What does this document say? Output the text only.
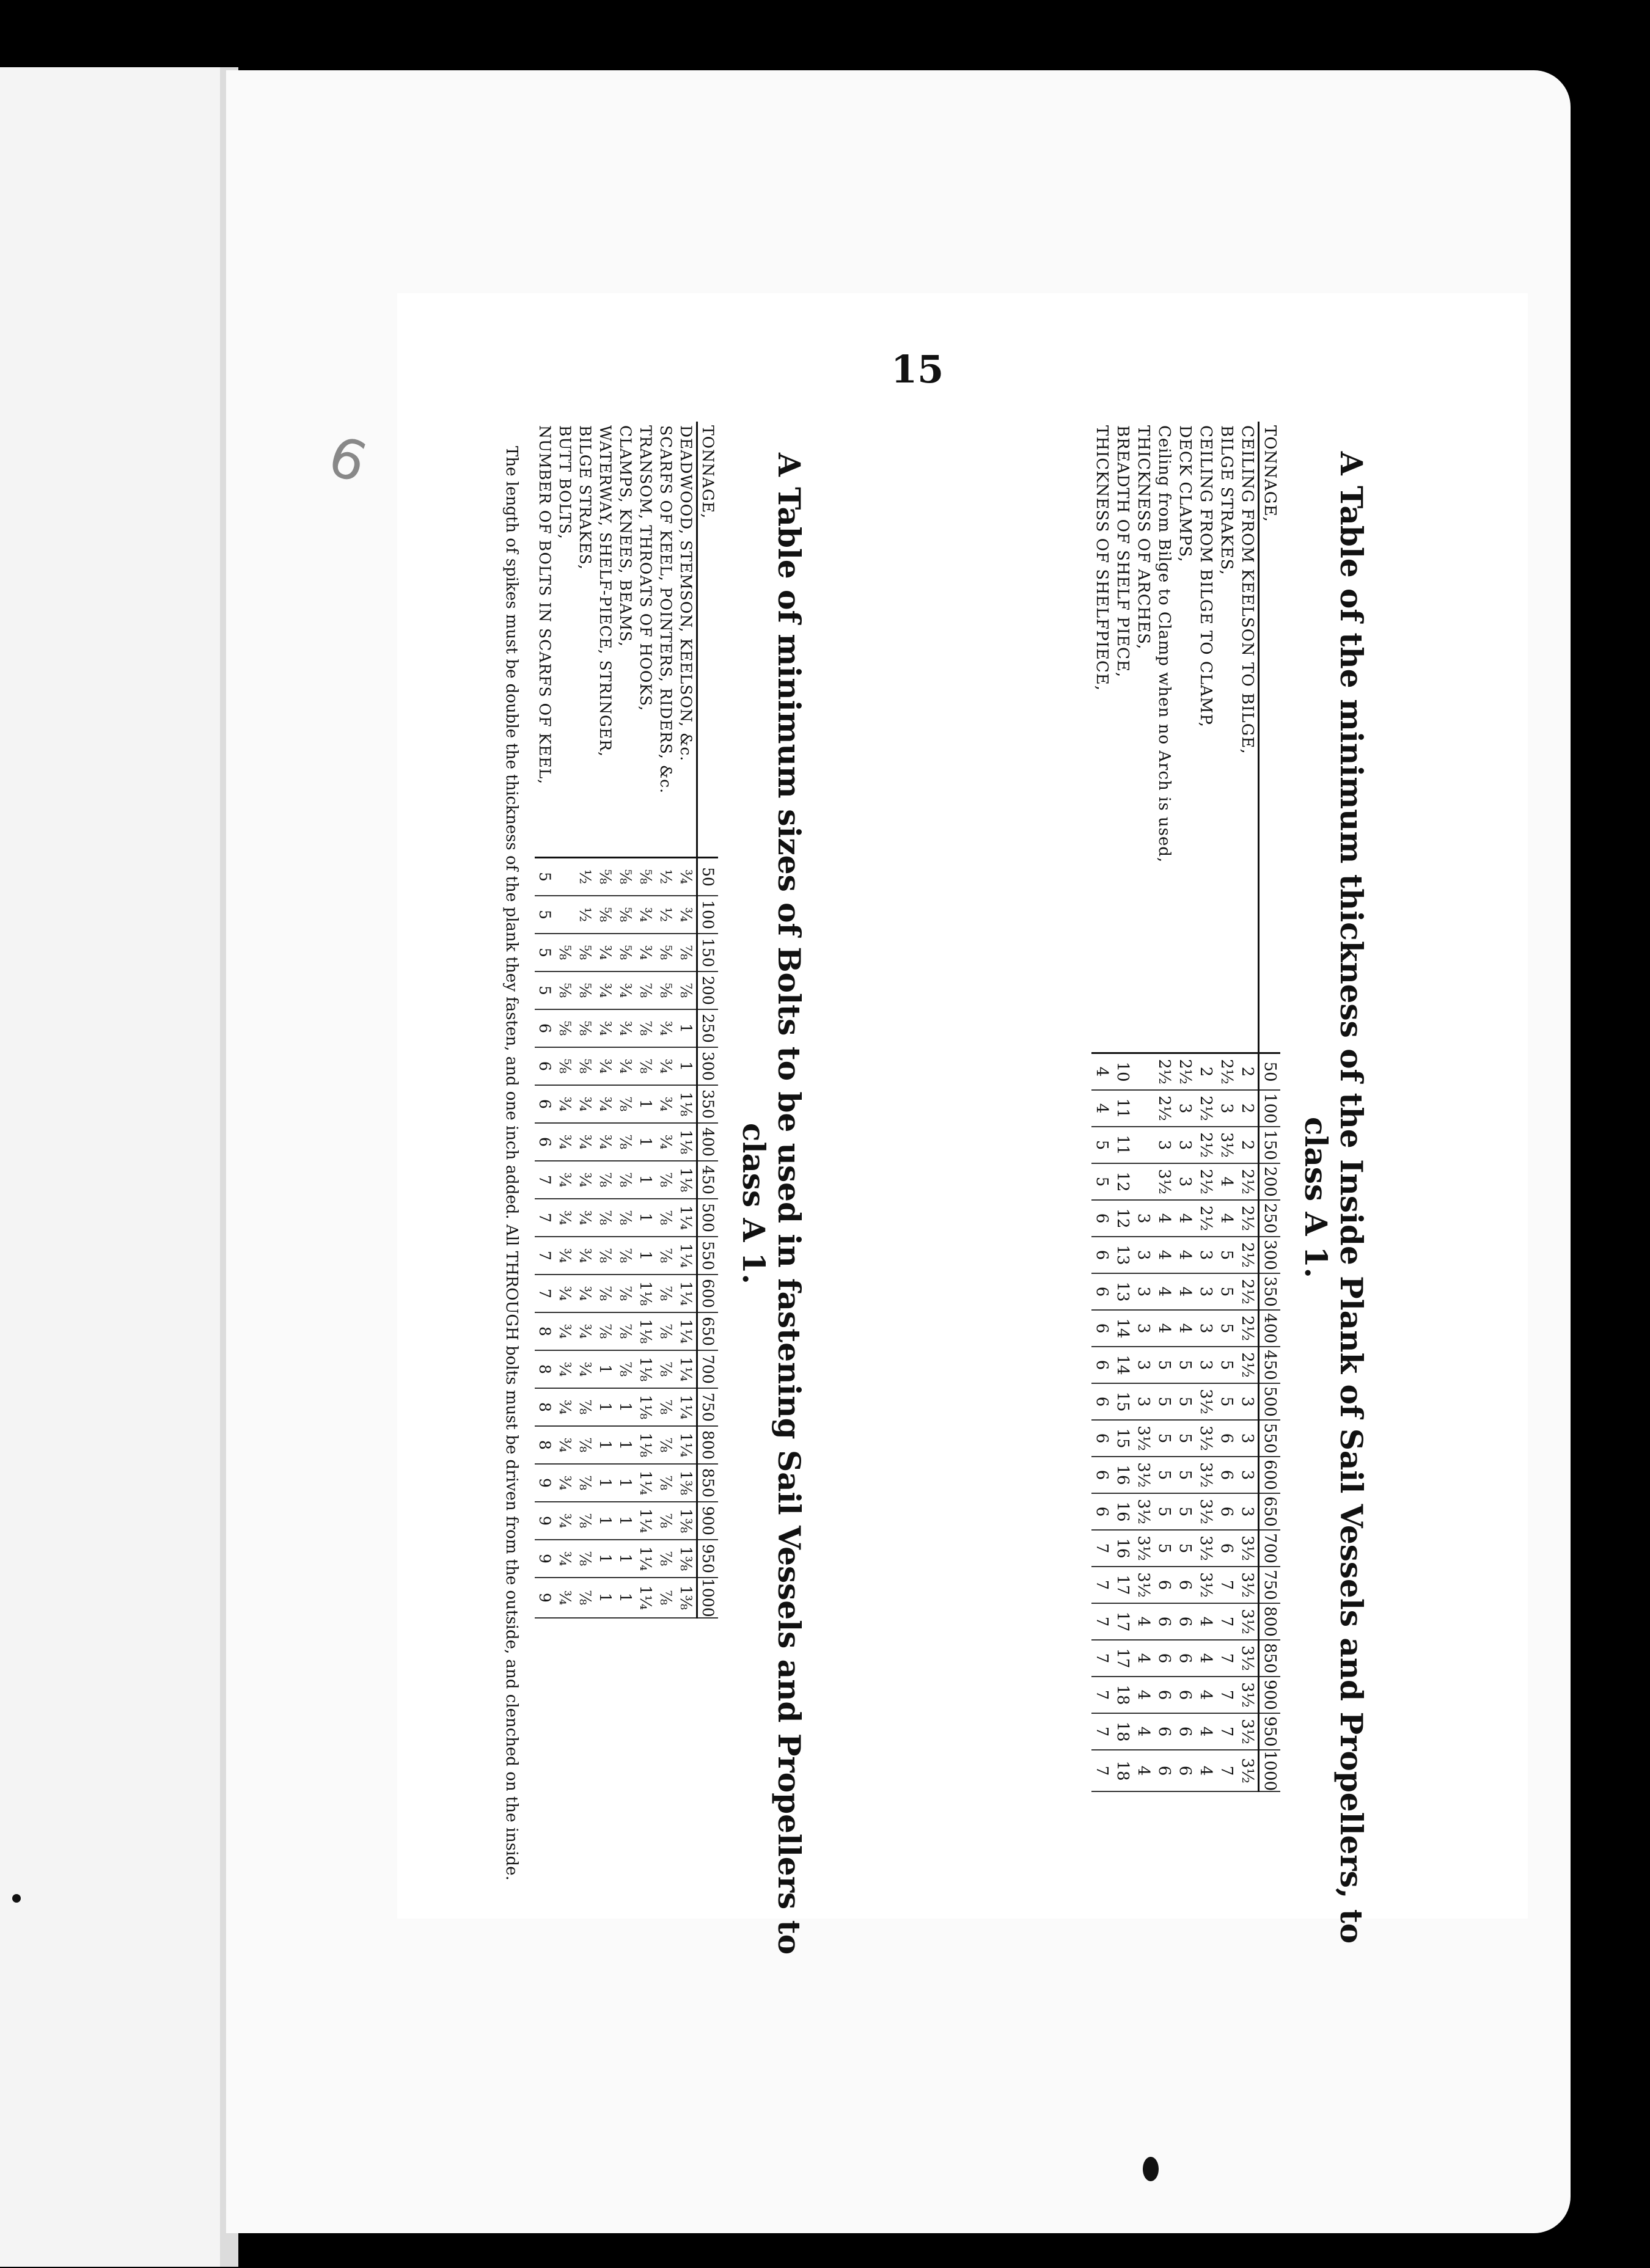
15
6	A Table of the minimum thickness of the Inside Plank of Sail Vessels and Propellers, to class A 1.
TONNAGE,	50	100	150	200	250	300	350	400	450	500	550	600	650	700	750	800	850	900	950	1000
CEILING FROM KEELSON TO BILGE,	2	2	2	2½	2½	2½	2½	2½	2½	3	3	3	3	3½	3½	3½	3½	3½	3½	3½
BILGE STRAKES,	2½	3	3½	4	4	5	5	5	5	5	6	6	6	6	7	7	7	7	7	7
CEILING FROM BILGE TO CLAMP,	2	2½	2½	2½	2½	3	3	3	3	3½	3½	3½	3½	3½	3½	4	4	4	4	4
DECK CLAMPS,	2½	3	3	3	4	4	4	4	5	5	5	5	5	5	6	6	6	6	6	6
Ceiling from Bilge to Clamp when no Arch is used,	2½	2½	3	3½	4	4	4	4	5	5	5	5	5	5	6	6	6	6	6	6
THICKNESS OF ARCHES,					3	3	3	3	3	3	3½	3½	3½	3½	3½	4	4	4	4	4
BREADTH OF SHELF PIECE,	10	11	11	12	12	13	13	14	14	15	15	16	16	16	17	17	17	18	18	18
THICKNESS OF SHELFPIECE,	4	4	5	5	6	6	6	6	6	6	6	6	6	7	7	7	7	7	7	7
A Table of minimum sizes of Bolts to be used in fastening Sail Vessels and Propellers to class A 1.
TONNAGE,	50	100	150	200	250	300	350	400	450	500	550	600	650	700	750	800	850	900	950	1000
DEADWOOD, STEMSON, KEELSON, &c.	¾	¾	⅞	⅞	1	1	1⅛	1⅛	1⅛	1¼	1¼	1¼	1¼	1¼	1¼	1¼	1⅜	1⅜	1⅜	1⅜
SCARFS OF KEEL, POINTERS, RIDERS, &c.	½	½	⅝	⅝	¾	¾	¾	¾	⅞	⅞	⅞	⅞	⅞	⅞	⅞	⅞	⅞	⅞	⅞	⅞
TRANSOM, THROATS OF HOOKS,	⅝	¾	¾	⅞	⅞	⅞	1	1	1	1	1	1⅛	1⅛	1⅛	1⅛	1⅛	1¼	1¼	1¼	1¼
CLAMPS, KNEES, BEAMS,	⅝	⅝	⅝	¾	¾	¾	⅞	⅞	⅞	⅞	⅞	⅞	⅞	⅞	1	1	1	1	1	1
WATERWAY, SHELF-PIECE, STRINGER,	⅝	⅝	¾	¾	¾	¾	¾	¾	⅞	⅞	⅞	⅞	⅞	1	1	1	1	1	1	1
BILGE STRAKES,	½	½	⅝	⅝	⅝	⅝	¾	¾	¾	¾	¾	¾	¾	¾	⅞	⅞	⅞	⅞	⅞	⅞
BUTT BOLTS,			⅝	⅝	⅝	⅝	¾	¾	¾	¾	¾	¾	¾	¾	¾	¾	¾	¾	¾	¾
NUMBER OF BOLTS IN SCARFS OF KEEL,	5	5	5	5	6	6	6	6	7	7	7	7	8	8	8	8	9	9	9	9
The length of spikes must be double the thickness of the plank they fasten, and one inch added. All THROUGH bolts must be driven from the outside, and clenched on the inside.
